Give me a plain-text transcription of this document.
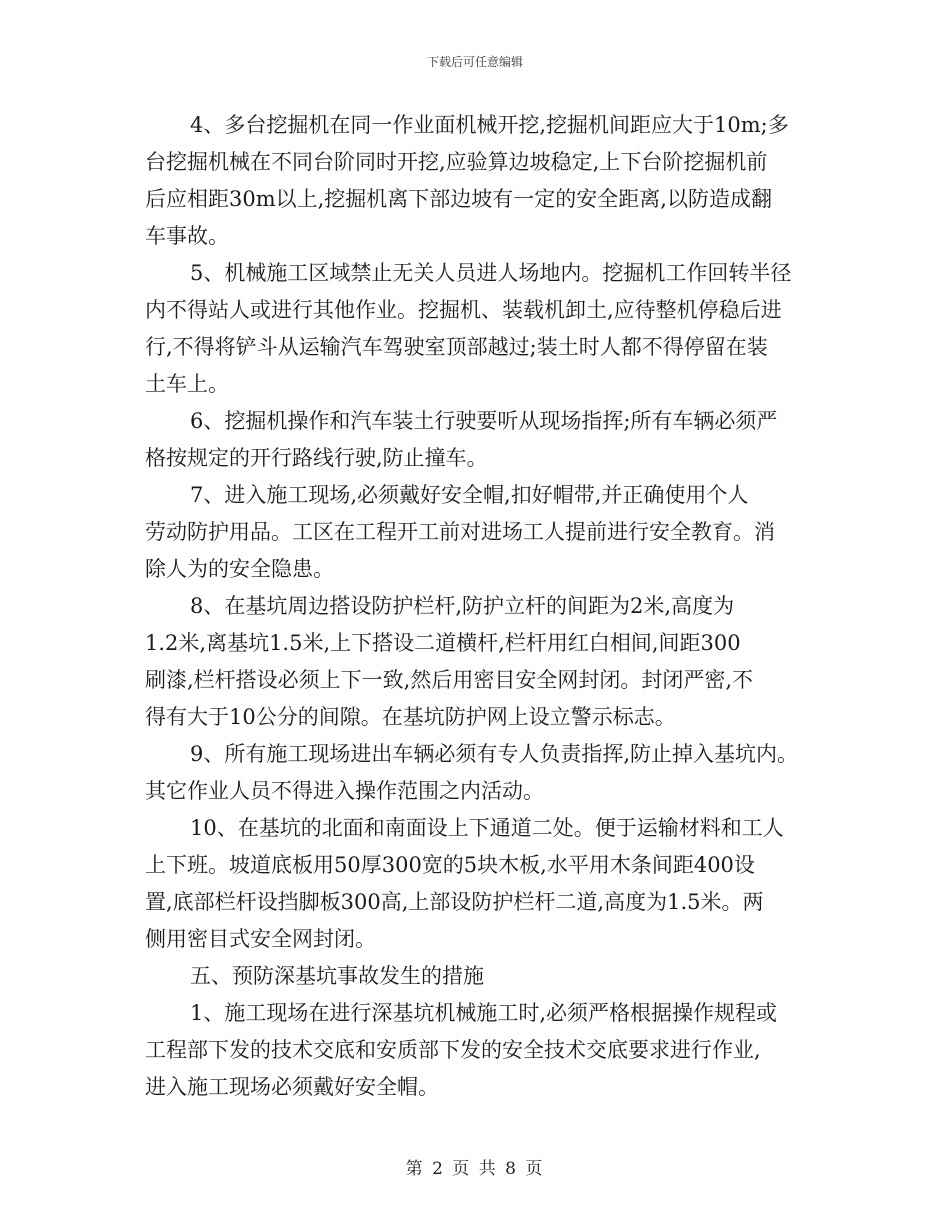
下载后可任意编辑
4、多台挖掘机在同一作业面机械开挖,挖掘机间距应大于10m;多
台挖掘机械在不同台阶同时开挖,应验算边坡稳定,上下台阶挖掘机前
后应相距30m以上,挖掘机离下部边坡有一定的安全距离,以防造成翻
车事故。
5、机械施工区域禁止无关人员进人场地内。挖掘机工作回转半径
内不得站人或进行其他作业。挖掘机、装载机卸土,应待整机停稳后进
行,不得将铲斗从运输汽车驾驶室顶部越过;装土时人都不得停留在装
土车上。
6、挖掘机操作和汽车装土行驶要听从现场指挥;所有车辆必须严
格按规定的开行路线行驶,防止撞车。
7、进入施工现场,必须戴好安全帽,扣好帽带,并正确使用个人
劳动防护用品。工区在工程开工前对进场工人提前进行安全教育。消
除人为的安全隐患。
8、在基坑周边搭设防护栏杆,防护立杆的间距为2米,高度为
1.2米,离基坑1.5米,上下搭设二道横杆,栏杆用红白相间,间距300
刷漆,栏杆搭设必须上下一致,然后用密目安全网封闭。封闭严密,不
得有大于10公分的间隙。在基坑防护网上设立警示标志。
9、所有施工现场进出车辆必须有专人负责指挥,防止掉入基坑内。
其它作业人员不得进入操作范围之内活动。
10、在基坑的北面和南面设上下通道二处。便于运输材料和工人
上下班。坡道底板用50厚300宽的5块木板,水平用木条间距400设
置,底部栏杆设挡脚板300高,上部设防护栏杆二道,高度为1.5米。两
侧用密目式安全网封闭。
五、预防深基坑事故发生的措施
1、施工现场在进行深基坑机械施工时,必须严格根据操作规程或
工程部下发的技术交底和安质部下发的安全技术交底要求进行作业,
进入施工现场必须戴好安全帽。
第 2 页 共 8 页
